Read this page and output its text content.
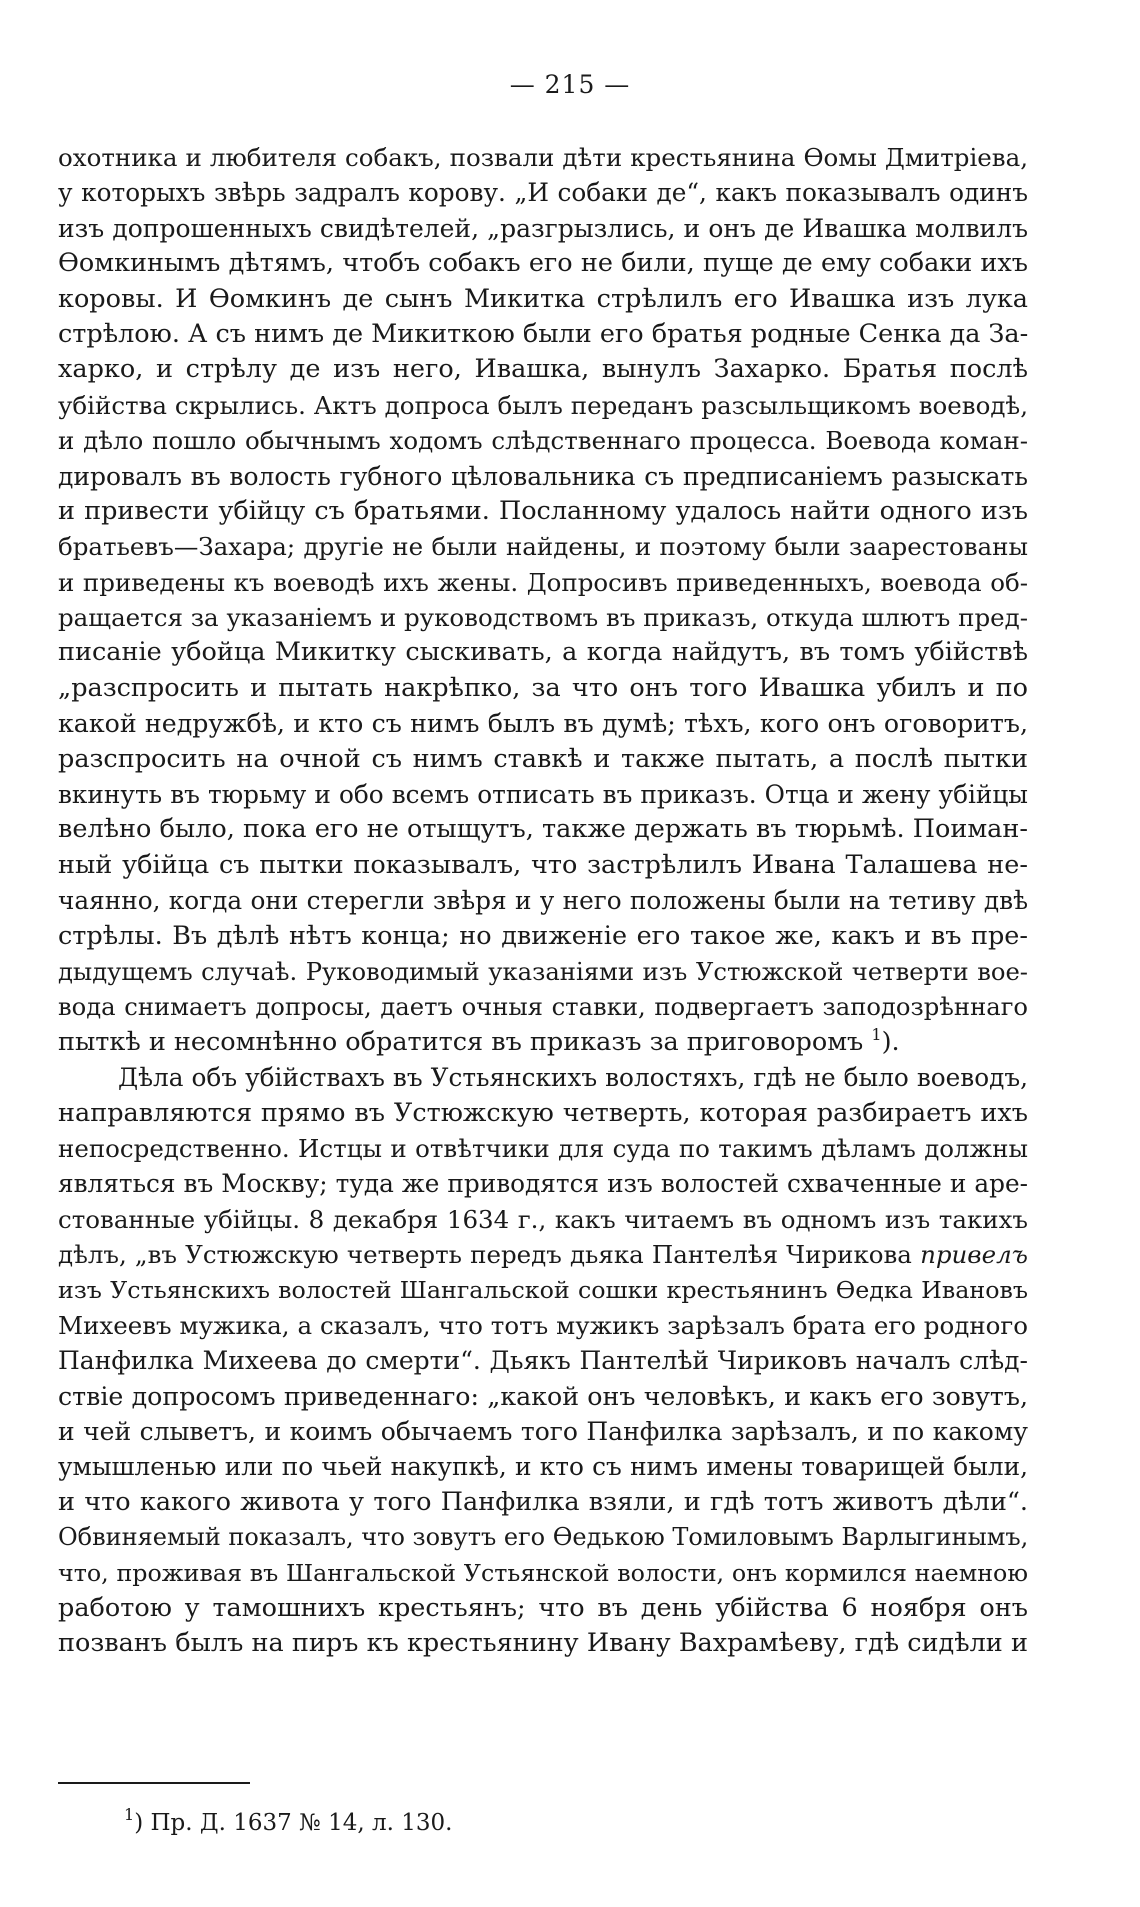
— 215 —
охотника и любителя собакъ, позвали дѣти крестьянина Ѳомы Дмитріева,
у которыхъ звѣрь задралъ корову. „И собаки де“, какъ показывалъ одинъ
изъ допрошенныхъ свидѣтелей, „разгрызлись, и онъ де Ивашка молвилъ
Ѳомкинымъ дѣтямъ, чтобъ собакъ его не били, пуще де ему собаки ихъ
коровы. И Ѳомкинъ де сынъ Микитка стрѣлилъ его Ивашка изъ лука
стрѣлою. А съ нимъ де Микиткою были его братья родные Сенка да За-
харко, и стрѣлу де изъ него, Ивашка, вынулъ Захарко. Братья послѣ
убійства скрылись. Актъ допроса былъ переданъ разсыльщикомъ воеводѣ,
и дѣло пошло обычнымъ ходомъ слѣдственнаго процесса. Воевода коман-
дировалъ въ волость губного цѣловальника съ предписаніемъ разыскать
и привести убійцу съ братьями. Посланному удалось найти одного изъ
братьевъ—Захара; другіе не были найдены, и поэтому были заарестованы
и приведены къ воеводѣ ихъ жены. Допросивъ приведенныхъ, воевода об-
ращается за указаніемъ и руководствомъ въ приказъ, откуда шлютъ пред-
писаніе убойца Микитку сыскивать, а когда найдутъ, въ томъ убійствѣ
„разспросить и пытать накрѣпко, за что онъ того Ивашка убилъ и по
какой недружбѣ, и кто съ нимъ былъ въ думѣ; тѣхъ, кого онъ оговоритъ,
разспросить на очной съ нимъ ставкѣ и также пытать, а послѣ пытки
вкинуть въ тюрьму и обо всемъ отписать въ приказъ. Отца и жену убійцы
велѣно было, пока его не отыщутъ, также держать въ тюрьмѣ. Поиман-
ный убійца съ пытки показывалъ, что застрѣлилъ Ивана Талашева не-
чаянно, когда они стерегли звѣря и у него положены были на тетиву двѣ
стрѣлы. Въ дѣлѣ нѣтъ конца; но движеніе его такое же, какъ и въ пре-
дыдущемъ случаѣ. Руководимый указаніями изъ Устюжской четверти вое-
вода снимаетъ допросы, даетъ очныя ставки, подвергаетъ заподозрѣннаго
пыткѣ и несомнѣнно обратится въ приказъ за приговоромъ $^1$).
Дѣла объ убійствахъ въ Устьянскихъ волостяхъ, гдѣ не было воеводъ,
направляются прямо въ Устюжскую четверть, которая разбираетъ ихъ
непосредственно. Истцы и отвѣтчики для суда по такимъ дѣламъ должны
являться въ Москву; туда же приводятся изъ волостей схваченные и аре-
стованные убійцы. 8 декабря 1634 г., какъ читаемъ въ одномъ изъ такихъ
дѣлъ, „въ Устюжскую четверть передъ дьяка Пантелѣя Чирикова привелъ
изъ Устьянскихъ волостей Шангальской сошки крестьянинъ Ѳедка Ивановъ
Михеевъ мужика, а сказалъ, что тотъ мужикъ зарѣзалъ брата его родного
Панфилка Михеева до смерти“. Дьякъ Пантелѣй Чириковъ началъ слѣд-
ствіе допросомъ приведеннаго: „какой онъ человѣкъ, и какъ его зовутъ,
и чей слыветъ, и коимъ обычаемъ того Панфилка зарѣзалъ, и по какому
умышленью или по чьей накупкѣ, и кто съ нимъ имены товарищей были,
и что какого живота у того Панфилка взяли, и гдѣ тотъ животъ дѣли“.
Обвиняемый показалъ, что зовутъ его Ѳедькою Томиловымъ Варлыгинымъ,
что, проживая въ Шангальской Устьянской волости, онъ кормился наемною
работою у тамошнихъ крестьянъ; что въ день убійства 6 ноября онъ
позванъ былъ на пиръ къ крестьянину Ивану Вахрамѣеву, гдѣ сидѣли и
$^1$) Пр. Д. 1637 № 14, л. 130.
